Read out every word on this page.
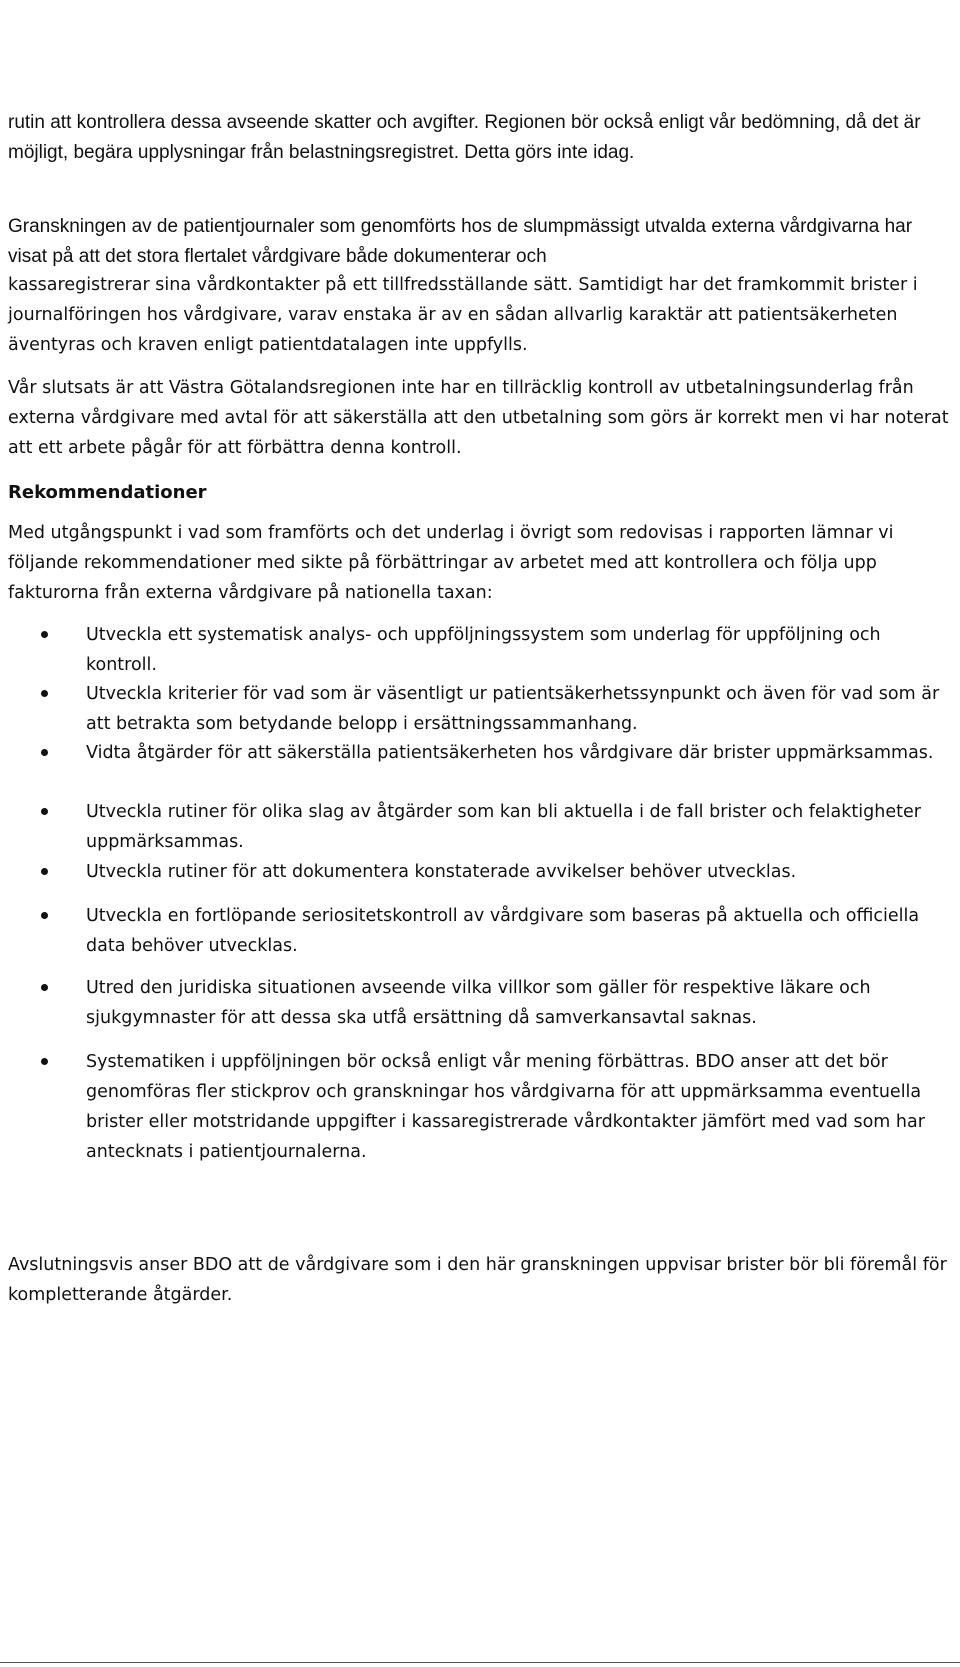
rutin att kontrollera dessa avseende skatter och avgifter. Regionen bör också enligt vår bedömning, då det är möjligt, begära upplysningar från belastningsregistret. Detta görs inte idag.

Granskningen av de patientjournaler som genomförts hos de slumpmässigt utvalda externa vårdgivarna har visat på att det stora flertalet vårdgivare både dokumenterar och

kassaregistrerar sina vårdkontakter på ett tillfredsställande sätt. Samtidigt har det framkommit brister i journalföringen hos vårdgivare, varav enstaka är av en sådan allvarlig karaktär att patientsäkerheten äventyras och kraven enligt patientdatalagen inte uppfylls.

Vår slutsats är att Västra Götalandsregionen inte har en tillräcklig kontroll av utbetalningsunderlag från externa vårdgivare med avtal för att säkerställa att den utbetalning som görs är korrekt men vi har noterat att ett arbete pågår för att förbättra denna kontroll.

Rekommendationer

Med utgångspunkt i vad som framförts och det underlag i övrigt som redovisas i rapporten lämnar vi följande rekommendationer med sikte på förbättringar av arbetet med att kontrollera och följa upp fakturorna från externa vårdgivare på nationella taxan:

Utveckla ett systematisk analys- och uppföljningssystem som underlag för uppföljning och kontroll.
Utveckla kriterier för vad som är väsentligt ur patientsäkerhetssynpunkt och även för vad som är att betrakta som betydande belopp i ersättningssammanhang.
Vidta åtgärder för att säkerställa patientsäkerheten hos vårdgivare där brister uppmärksammas.
Utveckla rutiner för olika slag av åtgärder som kan bli aktuella i de fall brister och felaktigheter uppmärksammas.
Utveckla rutiner för att dokumentera konstaterade avvikelser behöver utvecklas.
Utveckla en fortlöpande seriositetskontroll av vårdgivare som baseras på aktuella och officiella data behöver utvecklas.
Utred den juridiska situationen avseende vilka villkor som gäller för respektive läkare och sjukgymnaster för att dessa ska utfå ersättning då samverkansavtal saknas.
Systematiken i uppföljningen bör också enligt vår mening förbättras. BDO anser att det bör genomföras fler stickprov och granskningar hos vårdgivarna för att uppmärksamma eventuella brister eller motstridande uppgifter i kassaregistrerade vårdkontakter jämfört med vad som har antecknats i patientjournalerna.

Avslutningsvis anser BDO att de vårdgivare som i den här granskningen uppvisar brister bör bli föremål för kompletterande åtgärder.
